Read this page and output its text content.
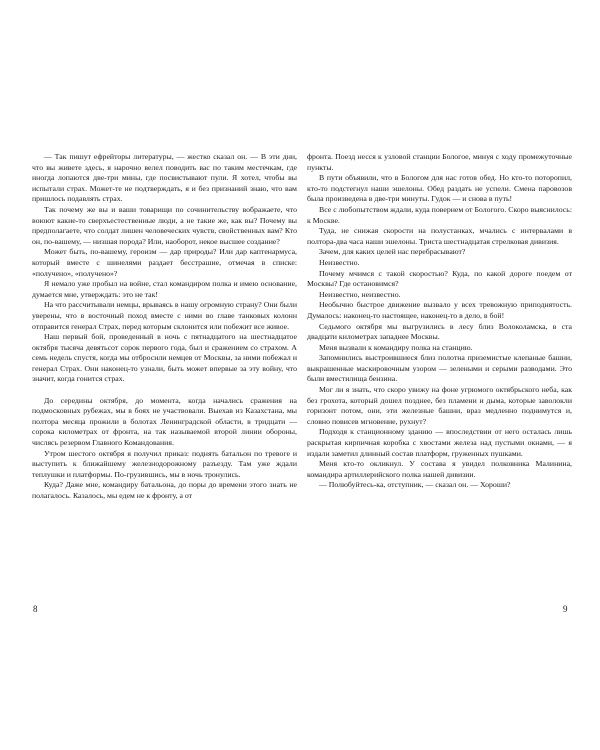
— Так пишут ефрейторы литературы, — жестко сказал он. — В эти дни, что вы живете здесь, я нарочно велел поводить вас по таким местечкам, где иногда лопаются две-три мины, где посвистывают пули. Я хотел, чтобы вы испытали страх. Может-те не подтверждать, я и без признаний знаю, что вам пришлось подавлять страх.

Так почему же вы и ваши товарищи по сочинительству вображаете, что воюют какие-то сверхъестественные люди, а не такие же, как вы? Почему вы предполагаете, что солдат лишен человеческих чувств, свойственных вам? Кто он, по-вашему, — низшая порода? Или, наоборот, некое высшее создание?

Может быть, по-вашему, героизм — дар природы? Или дар каптенармуса, который вместе с шинелями раздает бесстрашие, отмечая в списке: «получено», «получено»?

Я немало уже пробыл на войне, стал командиром полка и имею основание, думается мне, утверждать: это не так!

На что рассчитывали немцы, врываясь в нашу огромную страну? Они были уверены, что в восточный поход вместе с ними во главе танковых колонн отправится генерал Страх, перед которым склонится или побежит все живое.

Наш первый бой, проведенный в ночь с пятнадцатого на шестнадцатое октября тысяча девятьсот сорок первого года, был и сражением со страхом. А семь недель спустя, когда мы отбросили немцев от Москвы, за ними побежал и генерал Страх. Они наконец-то узнали, быть может впервые за эту войну, что значит, когда гонится страх.

До середины октября, до момента, когда начались сражения на подмосковных рубежах, мы в боях не участвовали. Выехав из Казахстана, мы полтора месяца прожили в болотах Ленинградской области, в тридцати — сорока километрах от фронта, на так называемой второй линии обороны, числясь резервом Главного Командования.

Утром шестого октября я получил приказ: поднять батальон по тревоге и выступить к ближайшему железнодорожному разъезду. Там уже ждали теплушки и платформы. По-грузившись, мы в ночь тронулись.

Куда? Даже мне, командиру батальона, до поры до времени этого знать не полагалось. Казалось, мы едем не к фронту, а от

8

фронта. Поезд несся к узловой станции Бологое, минуя с ходу промежуточные пункты.

В пути объявили, что в Бологом для нас готов обед. Но кто-то поторопил, кто-то подстегнул наши эшелоны. Обед раздать не успели. Смена паровозов была произведена в две-три минуты. Гудок — и снова в путь!

Все с любопытством ждали, куда повернем от Бологого. Скоро выяснилось: к Москве.

Туда, не снижая скорости на полустанках, мчались с интервалами в полтора-два часа наши эшелоны. Триста шестнадцатая стрелковая дивизия.

Зачем, для каких целей нас перебрасывают?

Неизвестно.

Почему мчимся с такой скоростью? Куда, по какой дороге поедем от Москвы? Где остановимся?

Неизвестно, неизвестно.

Необычно быстрое движение вызвало у всех тревожную приподнятость. Думалось: наконец-то настоящее, наконец-то в дело, в бой!

Седьмого октября мы выгрузились в лесу близ Волоколамска, в ста двадцати километрах западнее Москвы.

Меня вызвали к командиру полка на станцию.

Запомнились выстроившиеся близ полотна приземистые клепаные башни, выкрашенные маскировочным узором — зелеными и серыми разводами. Это были вместилища бензина.

Мог ли я знать, что скоро увижу на фоне угрюмого октябрьского неба, как без грохота, который дошел позднее, без пламени и дыма, которые заволокли горизонт потом, они, эти железные башни, враз медленно поднимутся и, словно повисев мгновение, рухнут?

Подходя к станционному зданию — впоследствии от него осталась лишь раскрытая кирпичная коробка с хвостами железа над пустыми окнами, — я издали заметил длинный состав платформ, груженных пушками.

Меня кто-то окликнул. У состава я увидел полковника Малинина, командира артиллерийского полка нашей дивизии.

— Полюбуйтесь-ка, отступник, — сказал он. — Хороши?

9
